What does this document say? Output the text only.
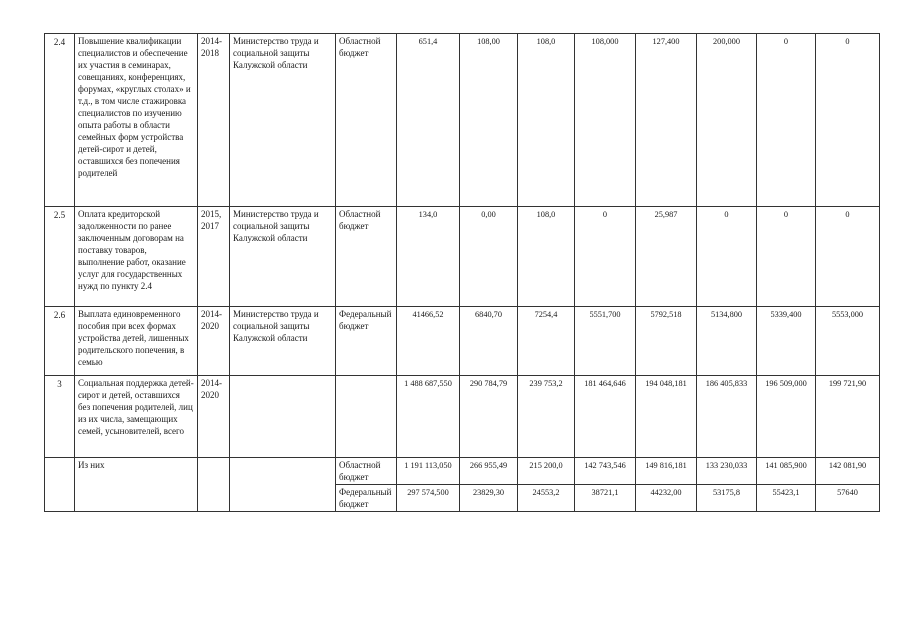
2.4	Повышение квалификации специалистов и обеспечение их участия в семинарах, совещаниях, конференциях, форумах, «круглых столах» и т.д., в том числе стажировка специалистов по изучению опыта работы в области семейных форм устройства детей-сирот и детей, оставшихся без попечения родителей	2014-2018	Министерство труда и социальной защиты Калужской области	Областной бюджет	651,4	108,00	108,0	108,000	127,400	200,000	0	0
2.5	Оплата кредиторской задолженности по ранее заключенным договорам на поставку товаров, выполнение работ, оказание услуг для государственных нужд по пункту 2.4	2015, 2017	Министерство труда и социальной защиты Калужской области	Областной бюджет	134,0	0,00	108,0	0	25,987	0	0	0
2.6	Выплата единовременного пособия при всех формах устройства детей, лишенных родительского попечения, в семью	2014-2020	Министерство труда и социальной защиты Калужской области	Федеральный бюджет	41466,52	6840,70	7254,4	5551,700	5792,518	5134,800	5339,400	5553,000
3	Социальная поддержка детей-сирот и детей, оставшихся без попечения родителей, лиц из их числа, замещающих семей, усыновителей, всего	2014-2020			1 488 687,550	290 784,79	239 753,2	181 464,646	194 048,181	186 405,833	196 509,000	199 721,90
	Из них			Областной бюджет	1 191 113,050	266 955,49	215 200,0	142 743,546	149 816,181	133 230,033	141 085,900	142 081,90
				Федеральный бюджет	297 574,500	23829,30	24553,2	38721,1	44232,00	53175,8	55423,1	57640
